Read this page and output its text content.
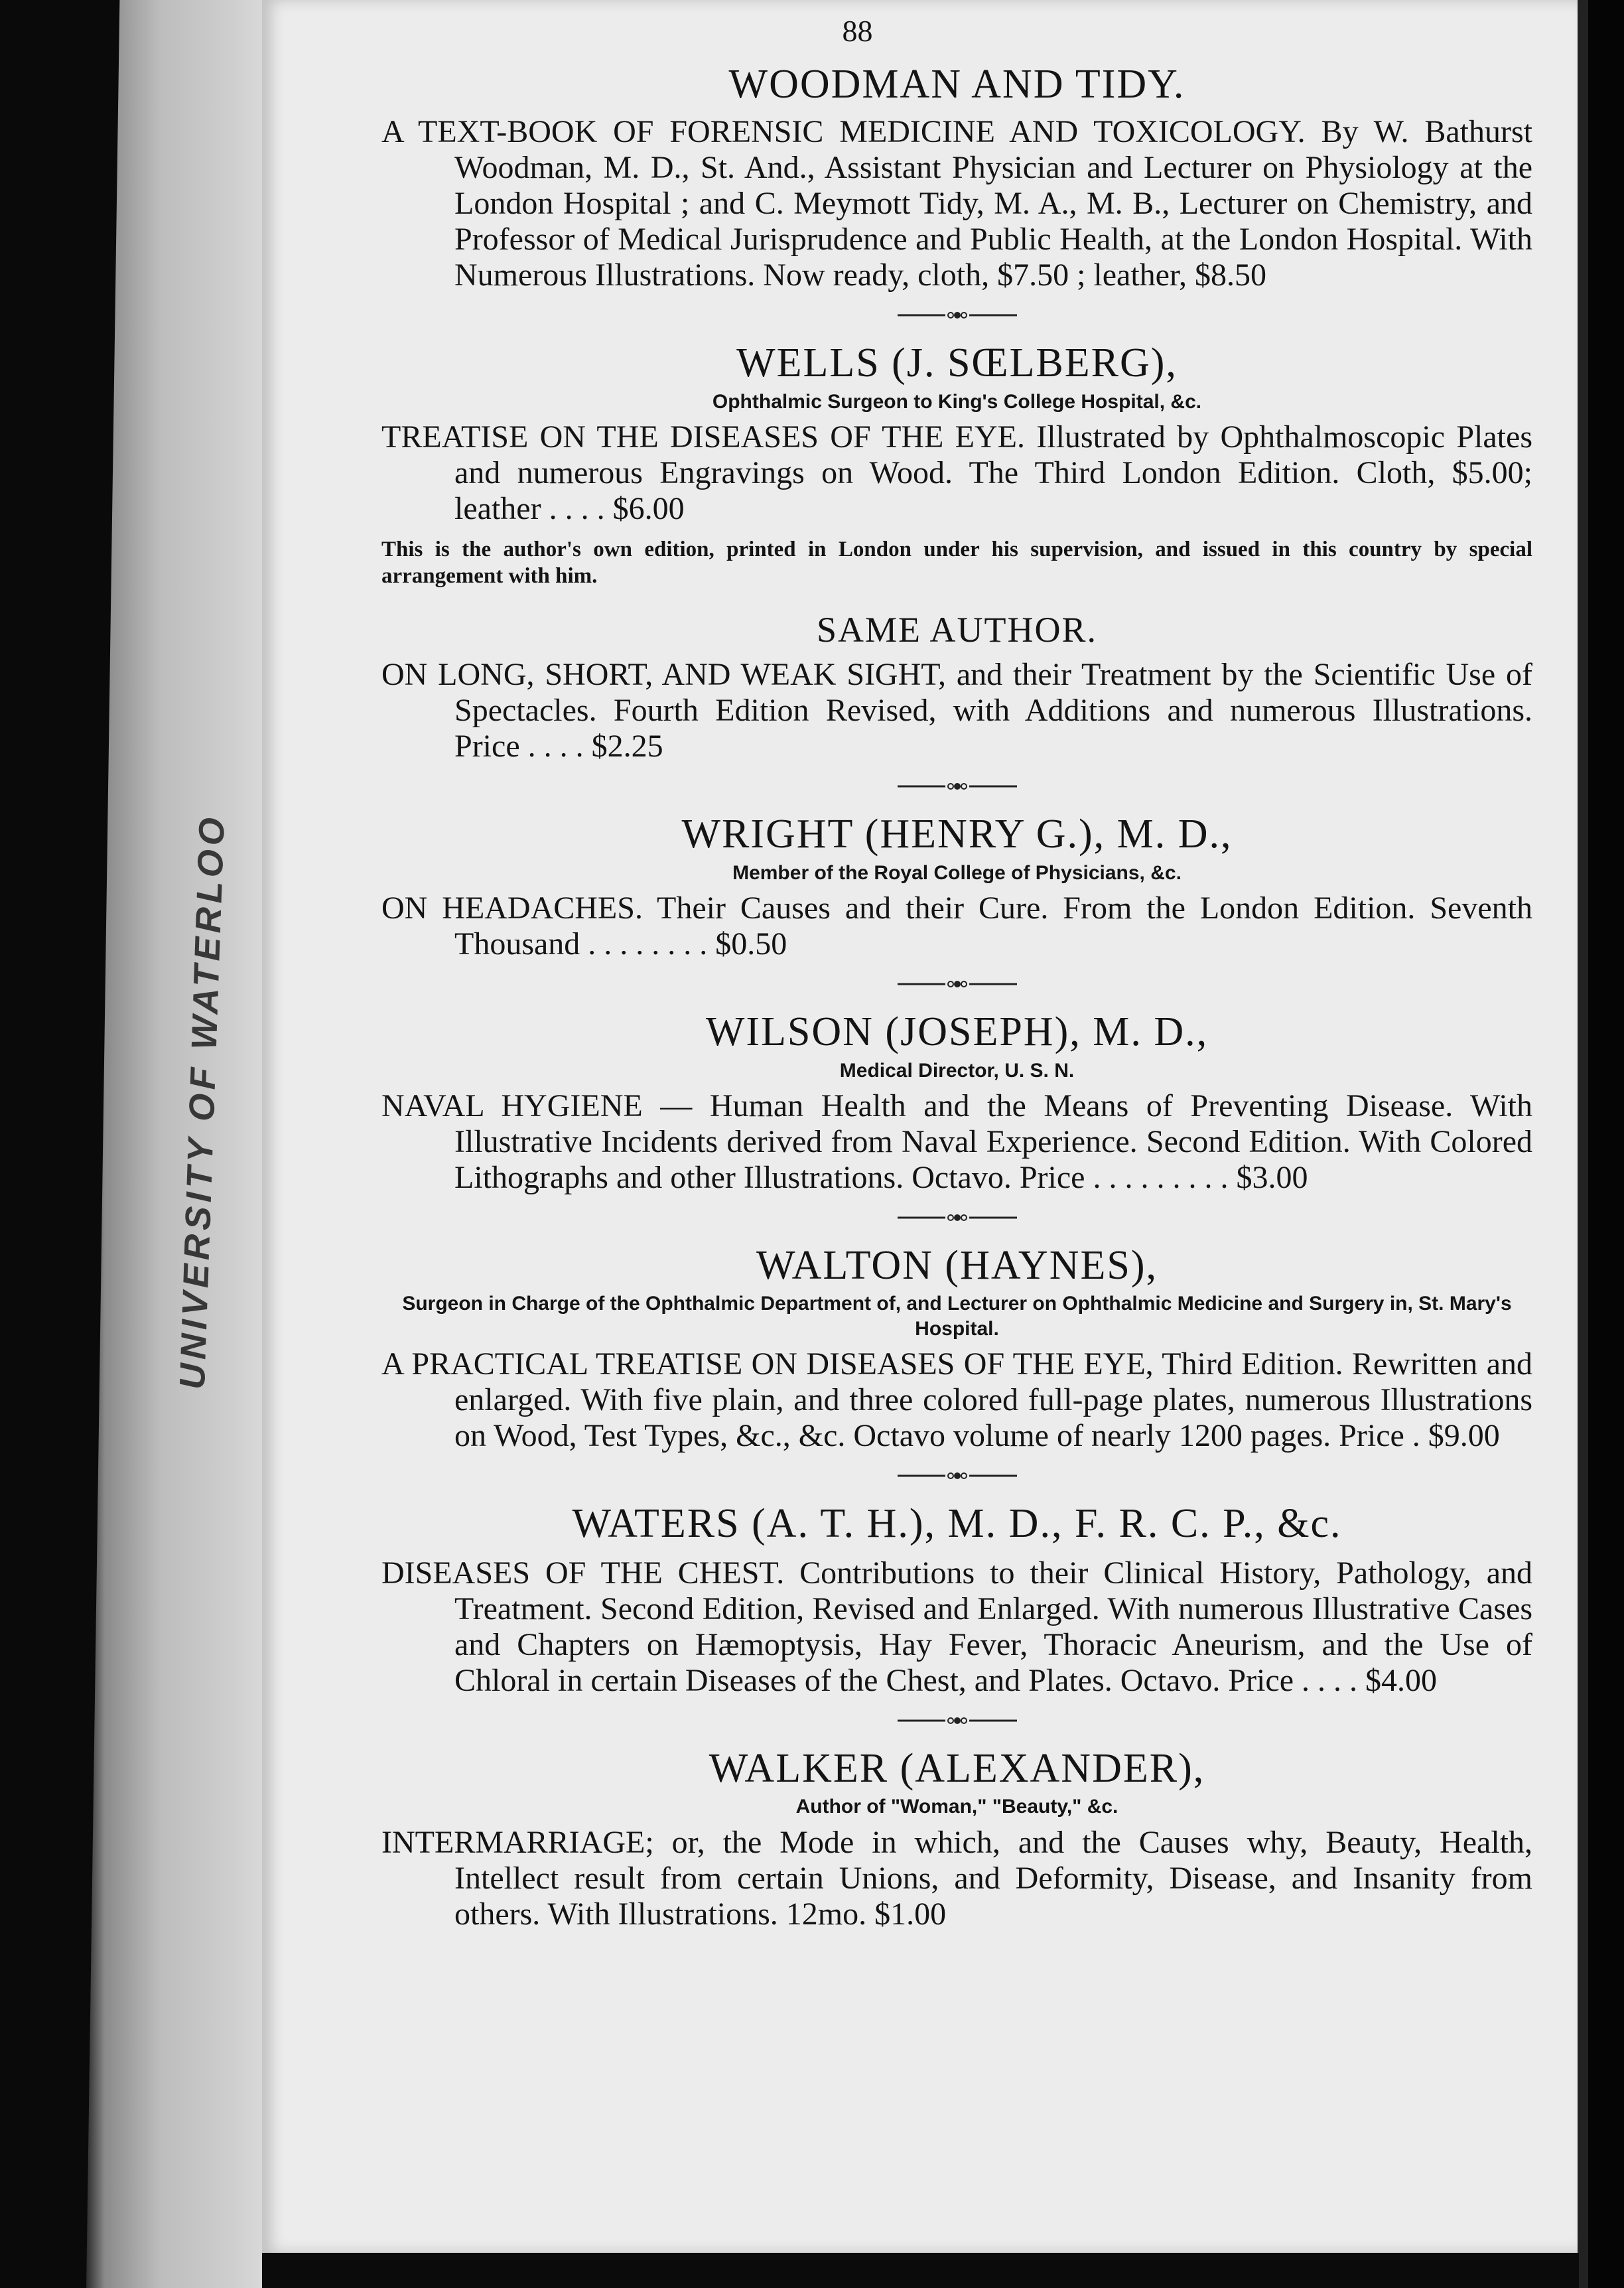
UNIVERSITY OF WATERLOO
88
WOODMAN AND TIDY.
A TEXT-BOOK OF FORENSIC MEDICINE AND TOXICOLOGY. By W. Bathurst Woodman, M. D., St. And., Assistant Physician and Lecturer on Physiology at the London Hospital ; and C. Meymott Tidy, M. A., M. B., Lecturer on Chemistry, and Professor of Medical Jurisprudence and Public Health, at the London Hospital. With Numerous Illustrations. Now ready, cloth, $7.50 ; leather, $8.50
WELLS (J. SŒLBERG),
Ophthalmic Surgeon to King's College Hospital, &c.
TREATISE ON THE DISEASES OF THE EYE. Illustrated by Ophthalmoscopic Plates and numerous Engravings on Wood. The Third London Edition. Cloth, $5.00; leather . . . . $6.00
This is the author's own edition, printed in London under his supervision, and issued in this country by special arrangement with him.
SAME AUTHOR.
ON LONG, SHORT, AND WEAK SIGHT, and their Treatment by the Scientific Use of Spectacles. Fourth Edition Revised, with Additions and numerous Illustrations. Price . . . . $2.25
WRIGHT (HENRY G.), M. D.,
Member of the Royal College of Physicians, &c.
ON HEADACHES. Their Causes and their Cure. From the London Edition. Seventh Thousand . . . . . . . . $0.50
WILSON (JOSEPH), M. D.,
Medical Director, U. S. N.
NAVAL HYGIENE — Human Health and the Means of Preventing Disease. With Illustrative Incidents derived from Naval Experience. Second Edition. With Colored Lithographs and other Illustrations. Octavo. Price . . . . . . . . . $3.00
WALTON (HAYNES),
Surgeon in Charge of the Ophthalmic Department of, and Lecturer on Ophthalmic Medicine and Surgery in, St. Mary's Hospital.
A PRACTICAL TREATISE ON DISEASES OF THE EYE, Third Edition. Rewritten and enlarged. With five plain, and three colored full-page plates, numerous Illustrations on Wood, Test Types, &c., &c. Octavo volume of nearly 1200 pages. Price . $9.00
WATERS (A. T. H.), M. D., F. R. C. P., &c.
DISEASES OF THE CHEST. Contributions to their Clinical History, Pathology, and Treatment. Second Edition, Revised and Enlarged. With numerous Illustrative Cases and Chapters on Hæmoptysis, Hay Fever, Thoracic Aneurism, and the Use of Chloral in certain Diseases of the Chest, and Plates. Octavo. Price . . . . $4.00
WALKER (ALEXANDER),
Author of "Woman," "Beauty," &c.
INTERMARRIAGE; or, the Mode in which, and the Causes why, Beauty, Health, Intellect result from certain Unions, and Deformity, Disease, and Insanity from others. With Illustrations. 12mo. $1.00
